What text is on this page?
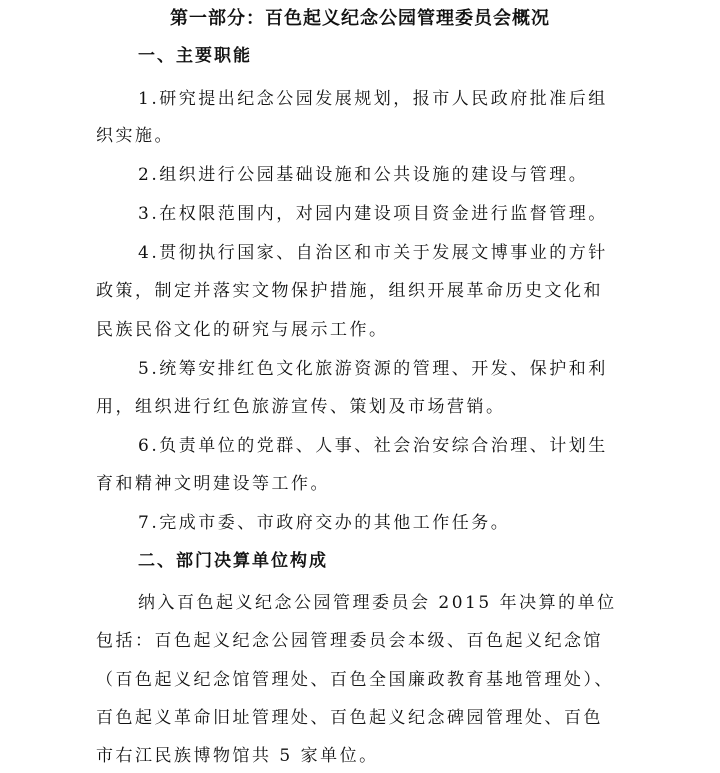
第一部分：百色起义纪念公园管理委员会概况
一、主要职能
1.研究提出纪念公园发展规划，报市人民政府批准后组
织实施。
2.组织进行公园基础设施和公共设施的建设与管理。
3.在权限范围内，对园内建设项目资金进行监督管理。
4.贯彻执行国家、自治区和市关于发展文博事业的方针
政策，制定并落实文物保护措施，组织开展革命历史文化和
民族民俗文化的研究与展示工作。
5.统筹安排红色文化旅游资源的管理、开发、保护和利
用，组织进行红色旅游宣传、策划及市场营销。
6.负责单位的党群、人事、社会治安综合治理、计划生
育和精神文明建设等工作。
7.完成市委、市政府交办的其他工作任务。
二、部门决算单位构成
纳入百色起义纪念公园管理委员会 2015 年决算的单位
包括：百色起义纪念公园管理委员会本级、百色起义纪念馆
（百色起义纪念馆管理处、百色全国廉政教育基地管理处）、
百色起义革命旧址管理处、百色起义纪念碑园管理处、百色
市右江民族博物馆共 5 家单位。
